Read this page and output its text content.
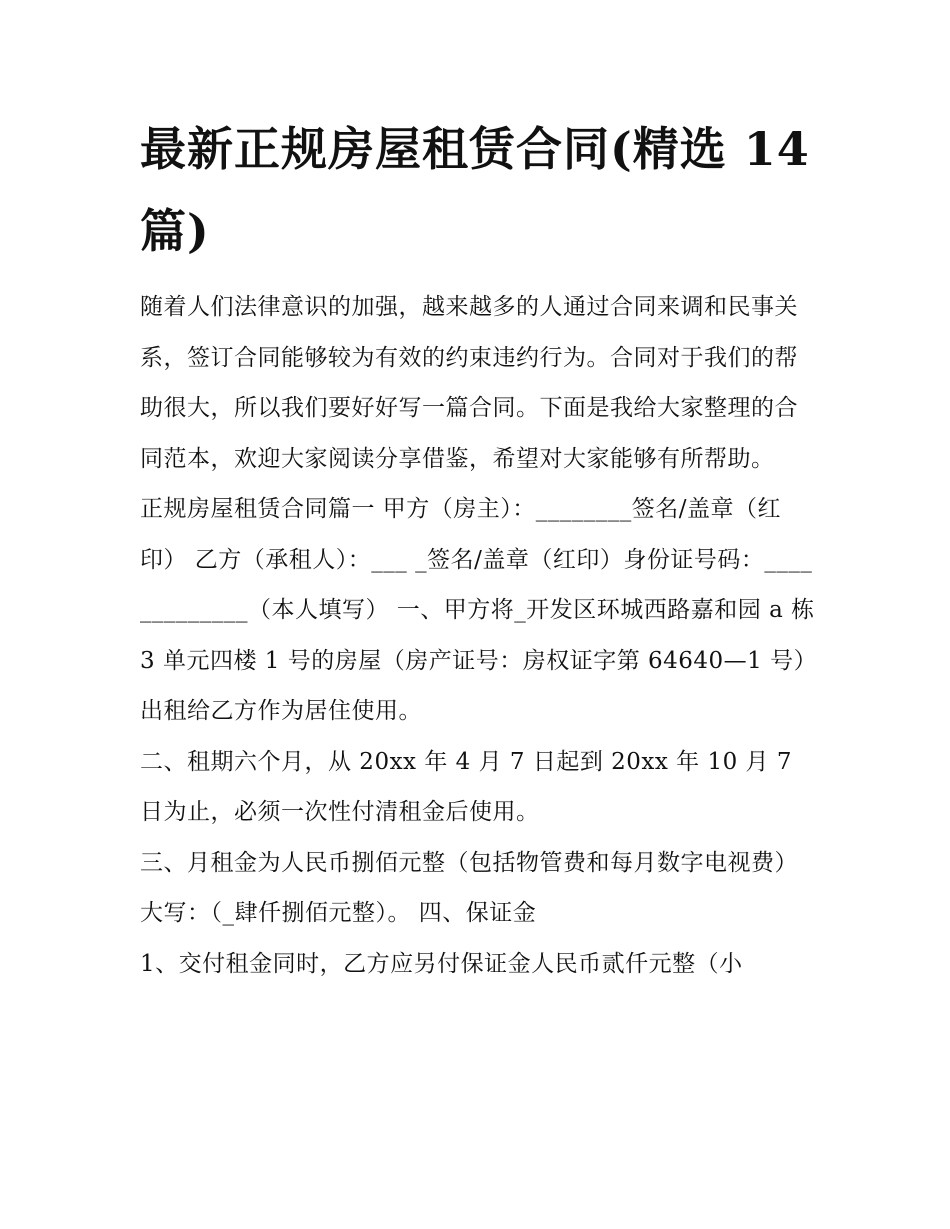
最新正规房屋租赁合同(精选 14 篇)

随着人们法律意识的加强，越来越多的人通过合同来调和民事关系，签订合同能够较为有效的约束违约行为。合同对于我们的帮助很大，所以我们要好好写一篇合同。下面是我给大家整理的合同范本，欢迎大家阅读分享借鉴，希望对大家能够有所帮助。

正规房屋租赁合同篇一 甲方（房主）：________签名/盖章（红印） 乙方（承租人）：___ _签名/盖章（红印）身份证号码：____

_________（本人填写） 一、甲方将_开发区环城西路嘉和园 a 栋 3 单元四楼 1 号的房屋（房产证号：房权证字第 64640—1 号）出租给乙方作为居住使用。

二、租期六个月，从 20xx 年 4 月 7 日起到 20xx 年 10 月 7 日为止，必须一次性付清租金后使用。

三、月租金为人民币捌佰元整（包括物管费和每月数字电视费）大写：（_肆仟捌佰元整）。 四、保证金

1、交付租金同时，乙方应另付保证金人民币贰仟元整（小
